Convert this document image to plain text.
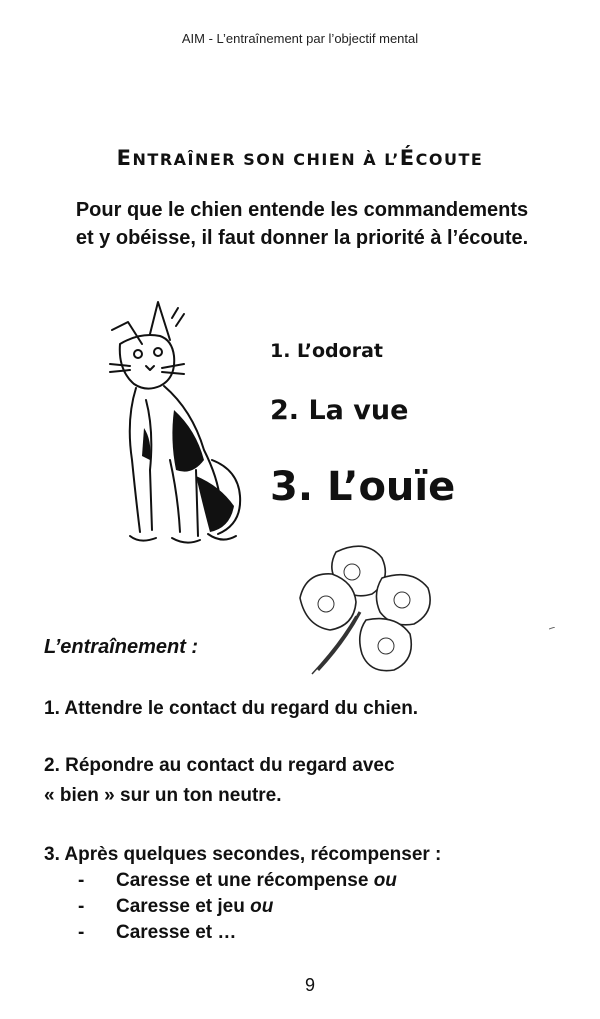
AIM - L’entraînement par l’objectif mental
ENTRAÎNER SON CHIEN À L’ÉCOUTE
Pour que le chien entende les commandements
et y obéisse, il faut donner la priorité à l’écoute.
1. L’odorat
2. La vue
3. L’ouïe
L’entraînement :
1. Attendre le contact du regard du chien.
2. Répondre au contact du regard avec
« bien » sur un ton neutre.
3. Après quelques secondes, récompenser :
- Caresse et une récompense ou
- Caresse et jeu ou
- Caresse et …
9
